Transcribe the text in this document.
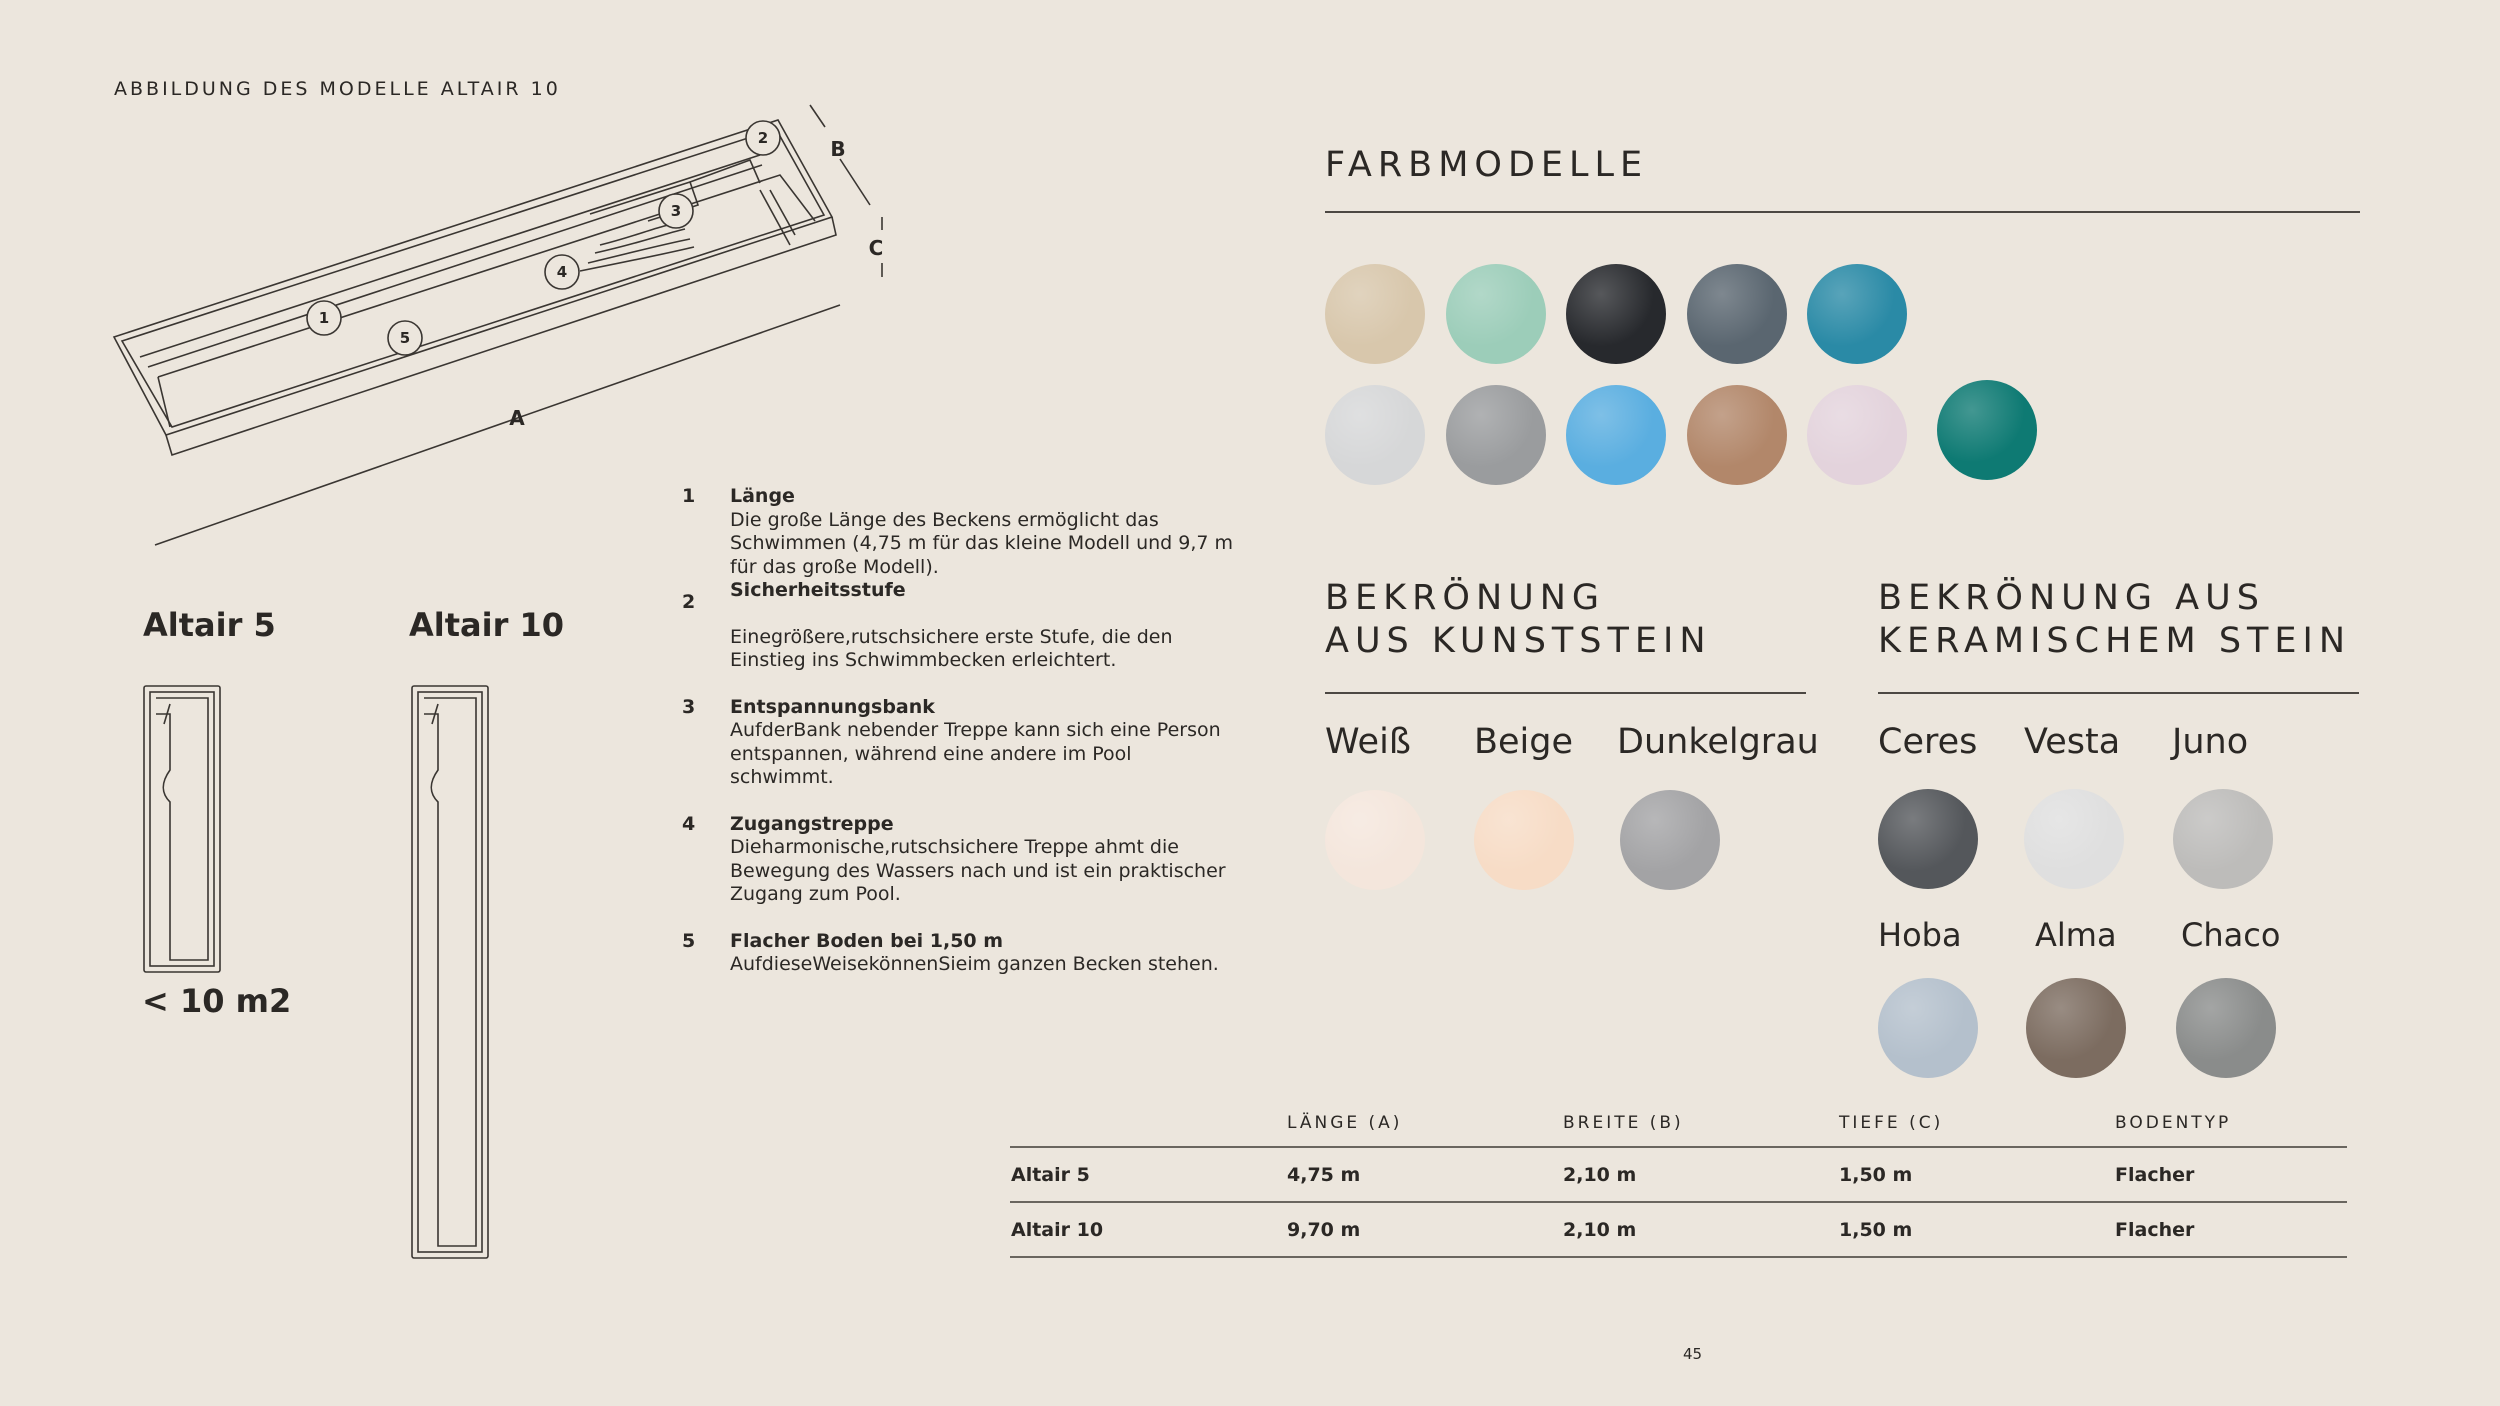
ABBILDUNG DES MODELLE ALTAIR 10
2
3
4
1
5
A
B
C
Altair 5	Altair 10
< 10 m2
1 Länge
Die große Länge des Beckens ermöglicht das Schwimmen (4,75 m für das kleine Modell und 9,7 m für das große Modell).
2
Sicherheitsstufe
Einegrößere,rutschsichere erste Stufe, die den Einstieg ins Schwimmbecken erleichtert.
3 Entspannungsbank
AufderBank nebender Treppe kann sich eine Person entspannen, während eine andere im Pool schwimmt.
4 Zugangstreppe
Dieharmonische,rutschsichere Treppe ahmt die Bewegung des Wassers nach und ist ein praktischer Zugang zum Pool.
5 Flacher Boden bei 1,50 m
AufdieseWeisekönnenSieim ganzen Becken stehen.
FARBMODELLE
BEKRÖNUNG
AUS KUNSTSTEIN
Weiß Beige Dunkelgrau
BEKRÖNUNG AUS
KERAMISCHEM STEIN
Ceres Vesta Juno
Hoba Alma Chaco
	LÄNGE (A)	BREITE (B)	TIEFE (C)	BODENTYP
Altair 5	4,75 m	2,10 m	1,50 m	Flacher
Altair 10	9,70 m	2,10 m	1,50 m	Flacher
45
